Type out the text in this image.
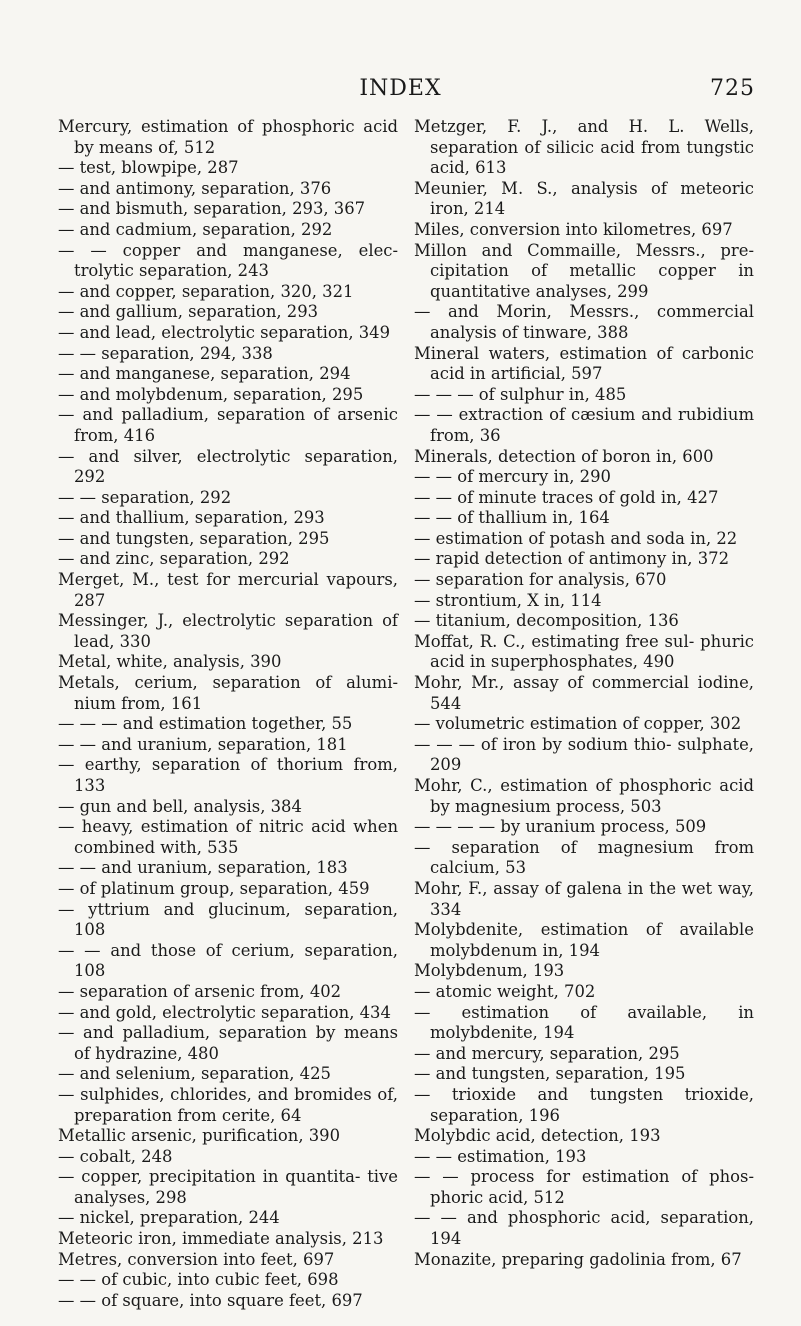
INDEX	725

Mercury, estimation of phosphoric acid by means of, 512

— test, blowpipe, 287

— and antimony, separation, 376

— and bismuth, separation, 293, 367

— and cadmium, separation, 292

— — copper and manganese, elec- trolytic separation, 243

— and copper, separation, 320, 321

— and gallium, separation, 293

— and lead, electrolytic separation, 349

— — separation, 294, 338

— and manganese, separation, 294

— and molybdenum, separation, 295

— and palladium, separation of arsenic from, 416

— and silver, electrolytic separation, 292

— — separation, 292

— and thallium, separation, 293

— and tungsten, separation, 295

— and zinc, separation, 292

Merget, M., test for mercurial vapours, 287

Messinger, J., electrolytic separation of lead, 330

Metal, white, analysis, 390

Metals, cerium, separation of alumi- nium from, 161

— — — and estimation together, 55

— — and uranium, separation, 181

— earthy, separation of thorium from, 133

— gun and bell, analysis, 384

— heavy, estimation of nitric acid when combined with, 535

— — and uranium, separation, 183

— of platinum group, separation, 459

— yttrium and glucinum, separation, 108

— — and those of cerium, separation, 108

— separation of arsenic from, 402

— and gold, electrolytic separation, 434

— and palladium, separation by means of hydrazine, 480

— and selenium, separation, 425

— sulphides, chlorides, and bromides of, preparation from cerite, 64

Metallic arsenic, purification, 390

— cobalt, 248

— copper, precipitation in quantita- tive analyses, 298

— nickel, preparation, 244

Meteoric iron, immediate analysis, 213

Metres, conversion into feet, 697

— — of cubic, into cubic feet, 698

— — of square, into square feet, 697

Metzger, F. J., and H. L. Wells, separation of silicic acid from tungstic acid, 613

Meunier, M. S., analysis of meteoric iron, 214

Miles, conversion into kilometres, 697

Millon and Commaille, Messrs., pre- cipitation of metallic copper in quantitative analyses, 299

— and Morin, Messrs., commercial analysis of tinware, 388

Mineral waters, estimation of carbonic acid in artificial, 597

— — — of sulphur in, 485

— — extraction of cæsium and rubidium from, 36

Minerals, detection of boron in, 600

— — of mercury in, 290

— — of minute traces of gold in, 427

— — of thallium in, 164

— estimation of potash and soda in, 22

— rapid detection of antimony in, 372

— separation for analysis, 670

— strontium, X in, 114

— titanium, decomposition, 136

Moffat, R. C., estimating free sul- phuric acid in superphosphates, 490

Mohr, Mr., assay of commercial iodine, 544

— volumetric estimation of copper, 302

— — — of iron by sodium thio- sulphate, 209

Mohr, C., estimation of phosphoric acid by magnesium process, 503

— — — — by uranium process, 509

— separation of magnesium from calcium, 53

Mohr, F., assay of galena in the wet way, 334

Molybdenite, estimation of available molybdenum in, 194

Molybdenum, 193

— atomic weight, 702

— estimation of available, in molybdenite, 194

— and mercury, separation, 295

— and tungsten, separation, 195

— trioxide and tungsten trioxide, separation, 196

Molybdic acid, detection, 193

— — estimation, 193

— — process for estimation of phos- phoric acid, 512

— — and phosphoric acid, separation, 194

Monazite, preparing gadolinia from, 67
